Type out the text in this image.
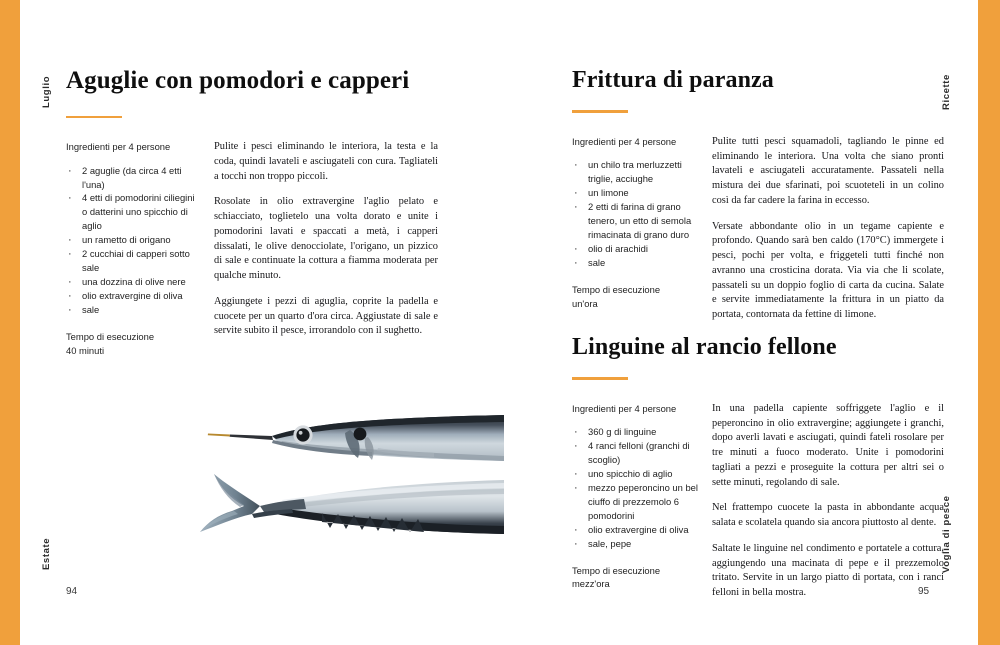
Luglio
Estate
Ricette
Voglia di pesce
94	95
Aguglie con pomodori e capperi

Ingredienti per 4 persone

· 2 aguglie (da circa 4 etti l'una)
· 4 etti di pomodorini ciliegini o datterini uno spicchio di aglio
· un rametto di origano
· 2 cucchiai di capperi sotto sale
· una dozzina di olive nere
· olio extravergine di oliva
· sale
Tempo di esecuzione
40 minuti

Pulite i pesci eliminando le interiora, la testa e la coda, quindi lavateli e asciugateli con cura. Tagliateli a tocchi non troppo piccoli.

Rosolate in olio extravergine l'aglio pelato e schiacciato, toglietelo una volta dorato e unite i pomodorini lavati e spaccati a metà, i capperi dissalati, le olive denocciolate, l'origano, un pizzico di sale e continuate la cottura a fiamma moderata per qualche minuto.

Aggiungete i pezzi di aguglia, coprite la padella e cuocete per un quarto d'ora circa. Aggiustate di sale e servite subito il pesce, irrorandolo con il sughetto.

Frittura di paranza

Ingredienti per 4 persone

· un chilo tra merluzzetti triglie, acciughe
· un limone
· 2 etti di farina di grano tenero, un etto di semola rimacinata di grano duro
· olio di arachidi
· sale
Tempo di esecuzione
un'ora

Pulite tutti pesci squamadoli, tagliando le pinne ed eliminando le interiora. Una volta che siano pronti lavateli e asciugateli accuratamente. Passateli nella mistura dei due sfarinati, poi scuoteteli in un colino così da far cadere la farina in eccesso.

Versate abbondante olio in un tegame capiente e profondo. Quando sarà ben caldo (170°C) immergete i pesci, pochi per volta, e friggeteli tutti finché non avranno una crosticina dorata. Via via che li scolate, passateli su un doppio foglio di carta da cucina. Salate e servite immediatamente la frittura in un piatto da portata, contornata da fettine di limone.

Linguine al rancio fellone

Ingredienti per 4 persone

· 360 g di linguine
· 4 ranci felloni (granchi di scoglio)
· uno spicchio di aglio
· mezzo peperoncino un bel ciuffo di prezzemolo 6 pomodorini
· olio extravergine di oliva
· sale, pepe
Tempo di esecuzione
mezz'ora

In una padella capiente soffriggete l'aglio e il peperoncino in olio extravergine; aggiungete i granchi, dopo averli lavati e asciugati, quindi fateli rosolare per tre minuti a fuoco moderato. Unite i pomodorini tagliati a pezzi e proseguite la cottura per altri sei o sette minuti, regolando di sale.

Nel frattempo cuocete la pasta in abbondante acqua salata e scolatela quando sia ancora piuttosto al dente.

Saltate le linguine nel condimento e portatele a cottura, aggiungendo una macinata di pepe e il prezzemolo tritato. Servite in un largo piatto di portata, con i ranci felloni in bella mostra.
